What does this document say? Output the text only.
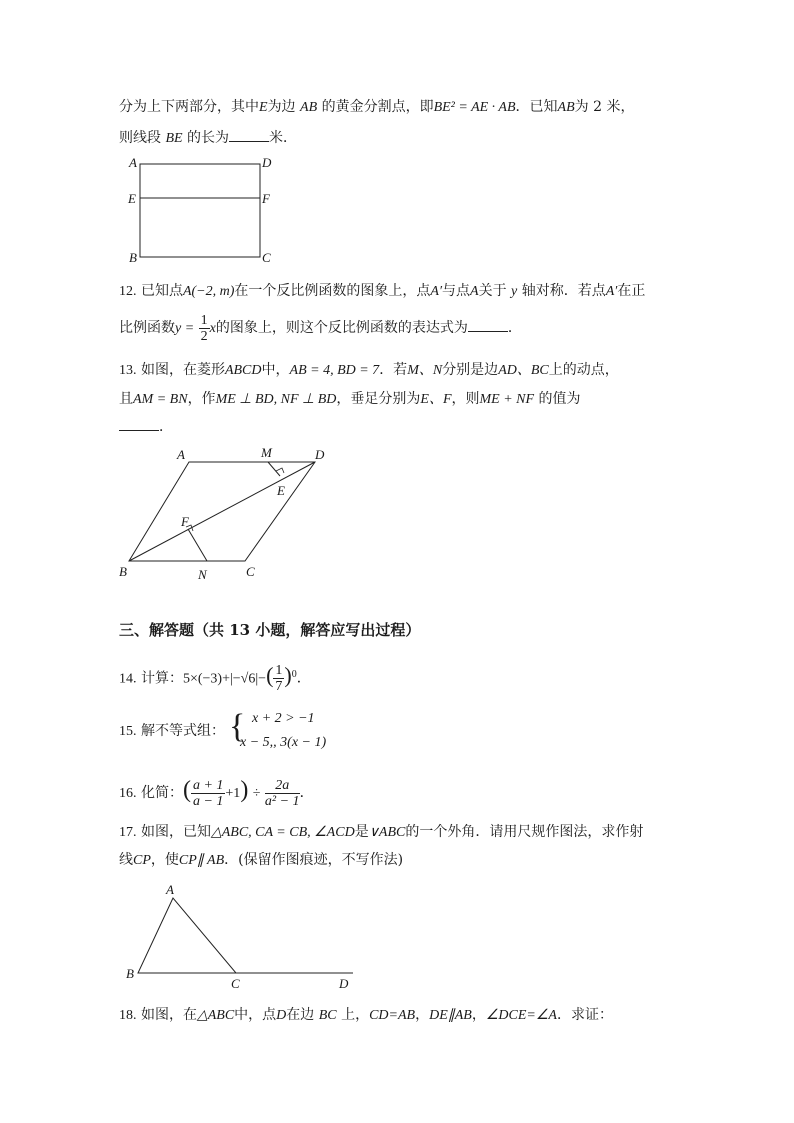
分为上下两部分，其中E为边 AB 的黄金分割点，即BE² = AE · AB．已知AB为 2 米，
则线段 BE 的长为	米．
A	D
E	F
B	C
12. 已知点A(−2, m)在一个反比例函数的图象上，点A′与点A关于 y 轴对称．若点A′在正
比例函数$y = \frac{1}{2}$ x的图象上，则这个反比例函数的表达式为	．
13. 如图，在菱形ABCD中，AB = 4, BD = 7．若M、N分别是边AD、BC上的动点，
且AM = BN，作ME ⊥ BD, NF ⊥ BD，垂足分别为E、F，则ME + NF 的值为
．
A	M	D
E
F
B	N	C
三、解答题（共 13 小题，解答应写出过程）
14. 计算：$5\times(-3)+|-√6|-( \frac{1}{7} )^0$．
15. 解不等式组： { x + 2 > −1
x − 5,, 3(x − 1)
16. 化简：( $\frac{a + 1}{a - 1} +1) \div \frac{2a}{\text{a² − 1}}$ ．
17. 如图，已知△ABC, CA = CB, ∠ACD是∨ABC的一个外角．请用尺规作图法，求作射
线CP，使CP∥ AB．(保留作图痕迹，不写作法)
A
B
C	D
18. 如图，在△ABC中，点D在边 BC 上，CD=AB，DE∥AB，∠DCE=∠A．求证：
